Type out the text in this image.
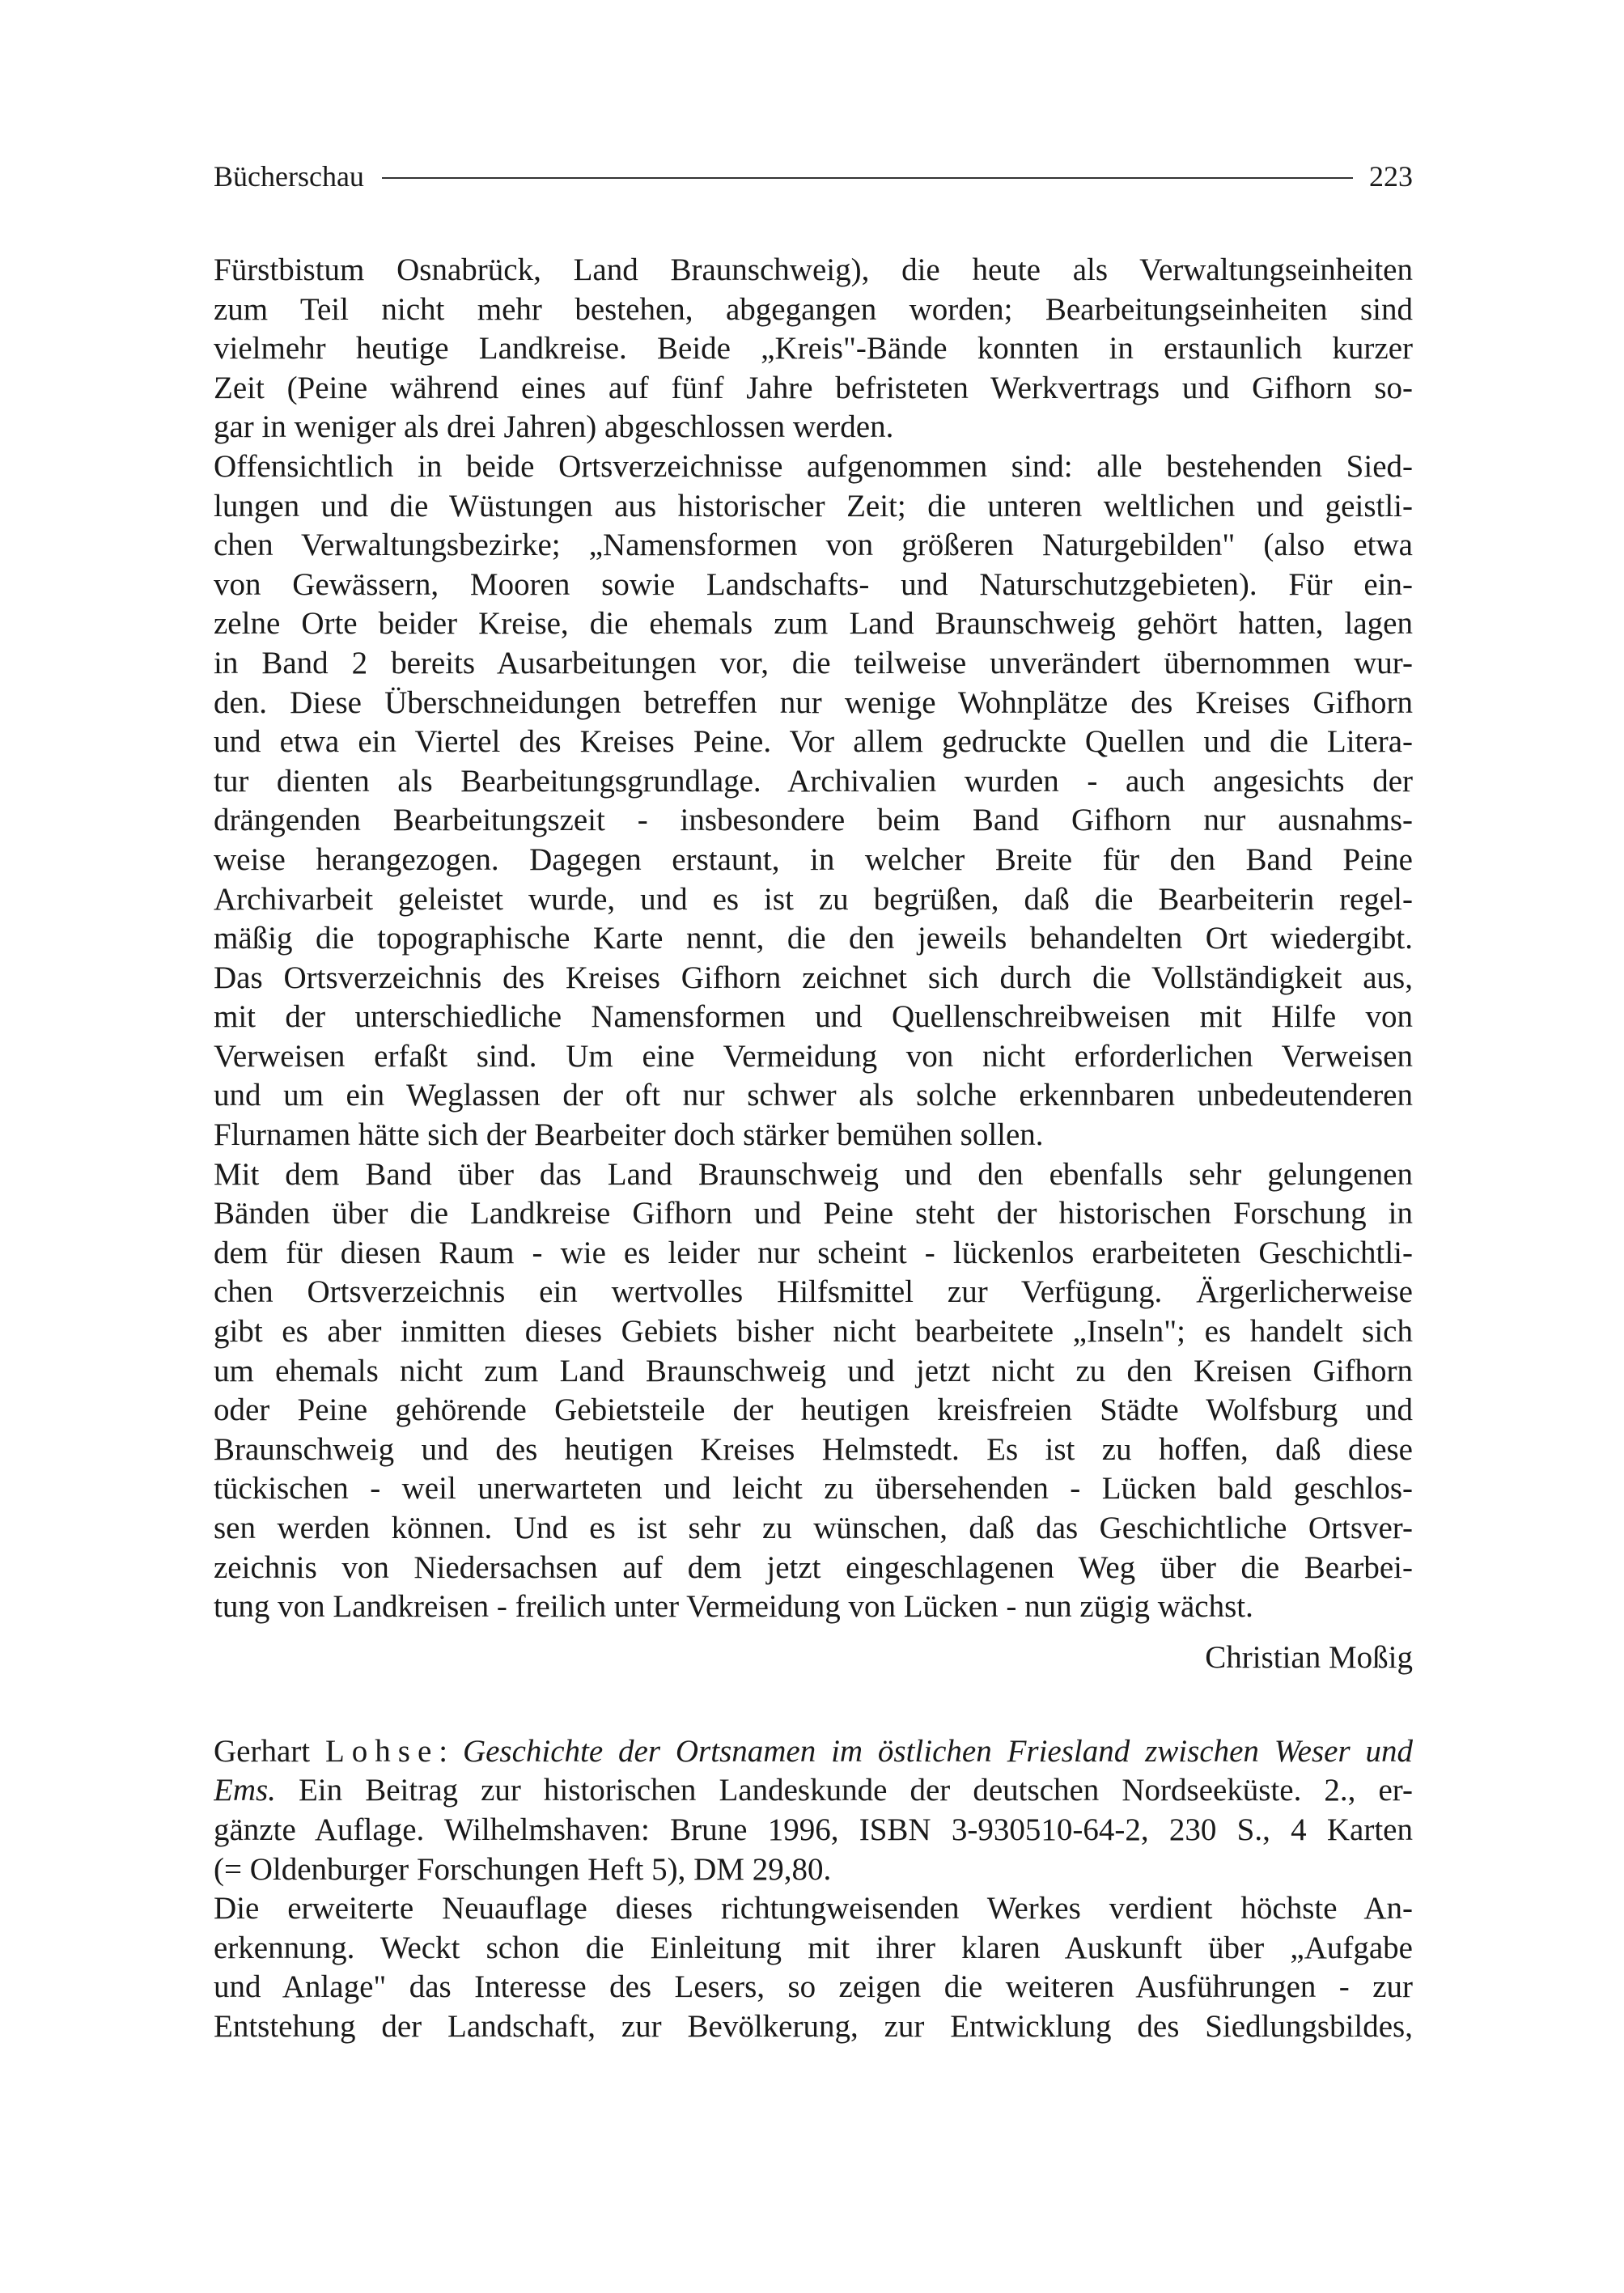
Bücherschau	223
Fürstbistum Osnabrück, Land Braunschweig), die heute als Verwaltungseinheiten
zum Teil nicht mehr bestehen, abgegangen worden; Bearbeitungseinheiten sind
vielmehr heutige Landkreise. Beide „Kreis"-Bände konnten in erstaunlich kurzer
Zeit (Peine während eines auf fünf Jahre befristeten Werkvertrags und Gifhorn so-
gar in weniger als drei Jahren) abgeschlossen werden.
Offensichtlich in beide Ortsverzeichnisse aufgenommen sind: alle bestehenden Sied-
lungen und die Wüstungen aus historischer Zeit; die unteren weltlichen und geistli-
chen Verwaltungsbezirke; „Namensformen von größeren Naturgebilden" (also etwa
von Gewässern, Mooren sowie Landschafts- und Naturschutzgebieten). Für ein-
zelne Orte beider Kreise, die ehemals zum Land Braunschweig gehört hatten, lagen
in Band 2 bereits Ausarbeitungen vor, die teilweise unverändert übernommen wur-
den. Diese Überschneidungen betreffen nur wenige Wohnplätze des Kreises Gifhorn
und etwa ein Viertel des Kreises Peine. Vor allem gedruckte Quellen und die Litera-
tur dienten als Bearbeitungsgrundlage. Archivalien wurden - auch angesichts der
drängenden Bearbeitungszeit - insbesondere beim Band Gifhorn nur ausnahms-
weise herangezogen. Dagegen erstaunt, in welcher Breite für den Band Peine
Archivarbeit geleistet wurde, und es ist zu begrüßen, daß die Bearbeiterin regel-
mäßig die topographische Karte nennt, die den jeweils behandelten Ort wiedergibt.
Das Ortsverzeichnis des Kreises Gifhorn zeichnet sich durch die Vollständigkeit aus,
mit der unterschiedliche Namensformen und Quellenschreibweisen mit Hilfe von
Verweisen erfaßt sind. Um eine Vermeidung von nicht erforderlichen Verweisen
und um ein Weglassen der oft nur schwer als solche erkennbaren unbedeutenderen
Flurnamen hätte sich der Bearbeiter doch stärker bemühen sollen.
Mit dem Band über das Land Braunschweig und den ebenfalls sehr gelungenen
Bänden über die Landkreise Gifhorn und Peine steht der historischen Forschung in
dem für diesen Raum - wie es leider nur scheint - lückenlos erarbeiteten Geschichtli-
chen Ortsverzeichnis ein wertvolles Hilfsmittel zur Verfügung. Ärgerlicherweise
gibt es aber inmitten dieses Gebiets bisher nicht bearbeitete „Inseln"; es handelt sich
um ehemals nicht zum Land Braunschweig und jetzt nicht zu den Kreisen Gifhorn
oder Peine gehörende Gebietsteile der heutigen kreisfreien Städte Wolfsburg und
Braunschweig und des heutigen Kreises Helmstedt. Es ist zu hoffen, daß diese
tückischen - weil unerwarteten und leicht zu übersehenden - Lücken bald geschlos-
sen werden können. Und es ist sehr zu wünschen, daß das Geschichtliche Ortsver-
zeichnis von Niedersachsen auf dem jetzt eingeschlagenen Weg über die Bearbei-
tung von Landkreisen - freilich unter Vermeidung von Lücken - nun zügig wächst.
Christian Moßig
Gerhart Lohse: Geschichte der Ortsnamen im östlichen Friesland zwischen Weser und
Ems. Ein Beitrag zur historischen Landeskunde der deutschen Nordseeküste. 2., er-
gänzte Auflage. Wilhelmshaven: Brune 1996, ISBN 3-930510-64-2, 230 S., 4 Karten
(= Oldenburger Forschungen Heft 5), DM 29,80.
Die erweiterte Neuauflage dieses richtungweisenden Werkes verdient höchste An-
erkennung. Weckt schon die Einleitung mit ihrer klaren Auskunft über „Aufgabe
und Anlage" das Interesse des Lesers, so zeigen die weiteren Ausführungen - zur
Entstehung der Landschaft, zur Bevölkerung, zur Entwicklung des Siedlungsbildes,
